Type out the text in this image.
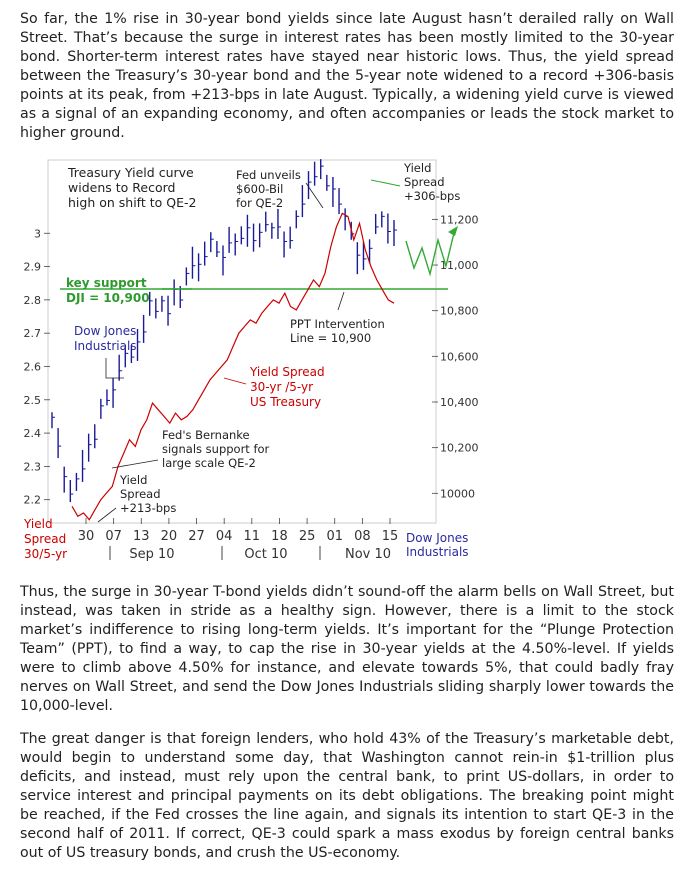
So far, the 1% rise in 30-year bond yields since late August hasn’t derailed rally on Wall Street. That’s because the surge in interest rates has been mostly limited to the 30-year bond. Shorter-term interest rates have stayed near historic lows. Thus, the yield spread between the Treasury’s 30-year bond and the 5-year note widened to a record +306-basis points at its peak, from +213-bps in late August. Typically, a widening yield curve is viewed as a signal of an expanding economy, and often accompanies or leads the stock market to higher ground.

2.2
2.3
2.4
2.5
2.6
2.7
2.8
2.9
3
10000
10,200
10,400
10,600
10,800
11,000
11,200
30 07 13 20 27 04 11 18 25 01 08 15
Sep 10	Oct 10	Nov 10
Treasury Yield curve
widens to Record
high on shift to QE-2
Fed unveils
$600-Bil
for QE-2
Yield
Spread
+306-bps
key support
DJI = 10,900
Dow Jones
Industrials
PPT Intervention
Line = 10,900
Yield Spread
30-yr /5-yr
US Treasury
Fed's Bernanke
signals support for
large scale QE-2
Yield
Spread
+213-bps
Yield
Spread
30/5-yr
Dow Jones
Industrials

Thus, the surge in 30-year T-bond yields didn’t sound-off the alarm bells on Wall Street, but instead, was taken in stride as a healthy sign. However, there is a limit to the stock market’s indifference to rising long-term yields. It’s important for the “Plunge Protection Team” (PPT), to find a way, to cap the rise in 30-year yields at the 4.50%-level. If yields were to climb above 4.50% for instance, and elevate towards 5%, that could badly fray nerves on Wall Street, and send the Dow Jones Industrials sliding sharply lower towards the 10,000-level.

The great danger is that foreign lenders, who hold 43% of the Treasury’s marketable debt, would begin to understand some day, that Washington cannot rein-in $1-trillion plus deficits, and instead, must rely upon the central bank, to print US-dollars, in order to service interest and principal payments on its debt obligations. The breaking point might be reached, if the Fed crosses the line again, and signals its intention to start QE-3 in the second half of 2011. If correct, QE-3 could spark a mass exodus by foreign central banks out of US treasury bonds, and crush the US-economy.
